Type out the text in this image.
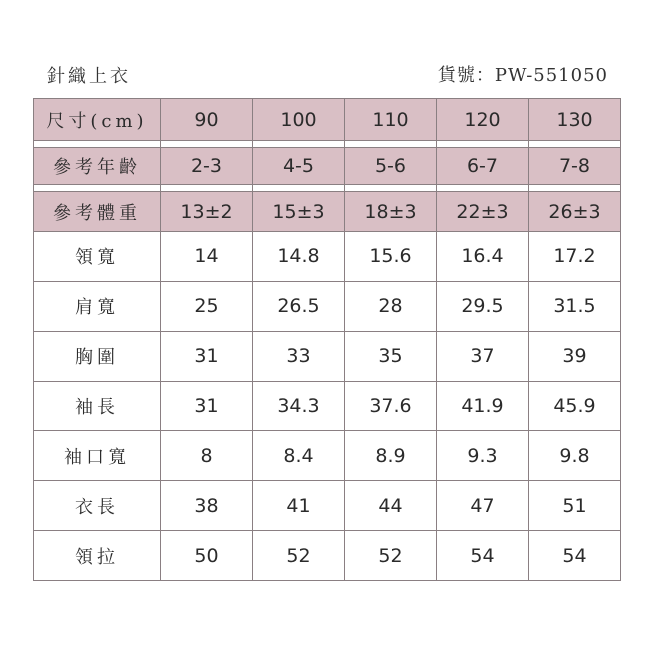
針織上衣	貨號：PW-551050
尺寸(cm)	90	100	110	120	130

參考年齡	2-3	4-5	5-6	6-7	7-8

參考體重	13±2	15±3	18±3	22±3	26±3
領寬	14	14.8	15.6	16.4	17.2
肩寬	25	26.5	28	29.5	31.5
胸圍	31	33	35	37	39
袖長	31	34.3	37.6	41.9	45.9
袖口寬	8	8.4	8.9	9.3	9.8
衣長	38	41	44	47	51
領拉	50	52	52	54	54
